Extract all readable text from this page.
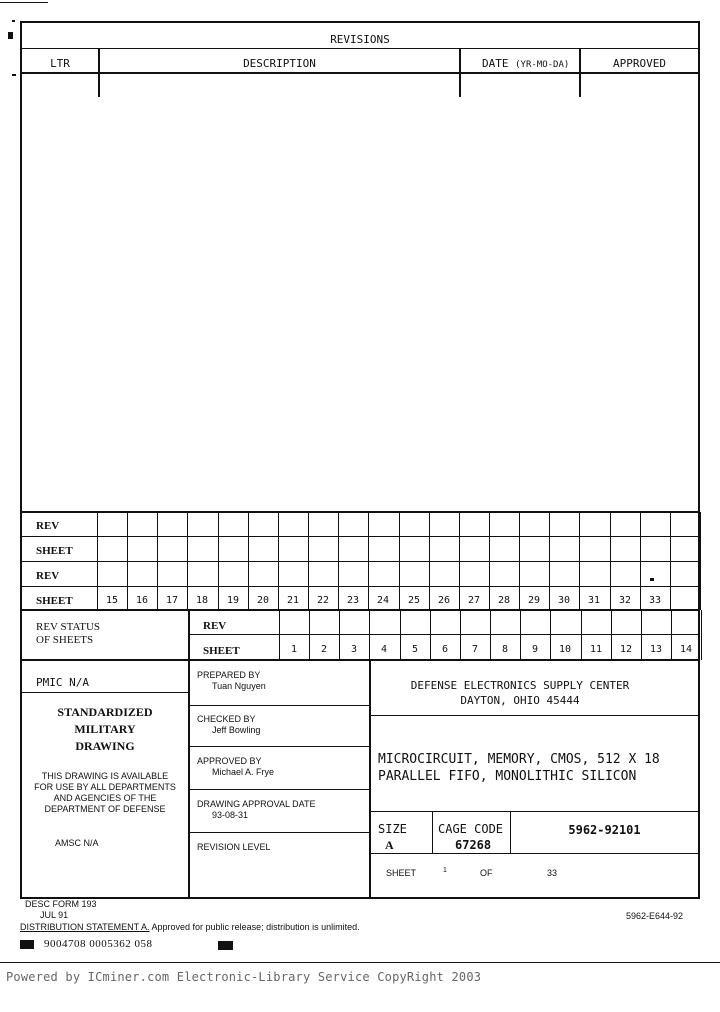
REVISIONS
LTR	DESCRIPTION	DATE (YR-MO-DA)	APPROVED
REV
SHEET
REV
SHEET	15	16	17	18	19	20	21	22	23	24	25	26	27	28	29	30	31	32	33
REV STATUS
OF SHEETS
REV
SHEET	1	2	3	4	5	6	7	8	9	10	11	12	13	14
PMIC N/A
STANDARDIZED
MILITARY
DRAWING
THIS DRAWING IS AVAILABLE
FOR USE BY ALL DEPARTMENTS
AND AGENCIES OF THE
DEPARTMENT OF DEFENSE
AMSC N/A
PREPARED BY
Tuan Nguyen
CHECKED BY
Jeff Bowling
APPROVED BY
Michael A. Frye
DRAWING APPROVAL DATE
93-08-31
REVISION LEVEL
DEFENSE ELECTRONICS SUPPLY CENTER
DAYTON, OHIO 45444
MICROCIRCUIT, MEMORY, CMOS, 512 X 18
PARALLEL FIFO, MONOLITHIC SILICON
SIZE
A
CAGE CODE
67268
5962-92101
SHEET	1	OF	33
DESC FORM 193
JUL 91
DISTRIBUTION STATEMENT A. Approved for public release; distribution is unlimited.
5962-E644-92
9004708 0005362 058
Powered by ICminer.com Electronic-Library Service CopyRight 2003
